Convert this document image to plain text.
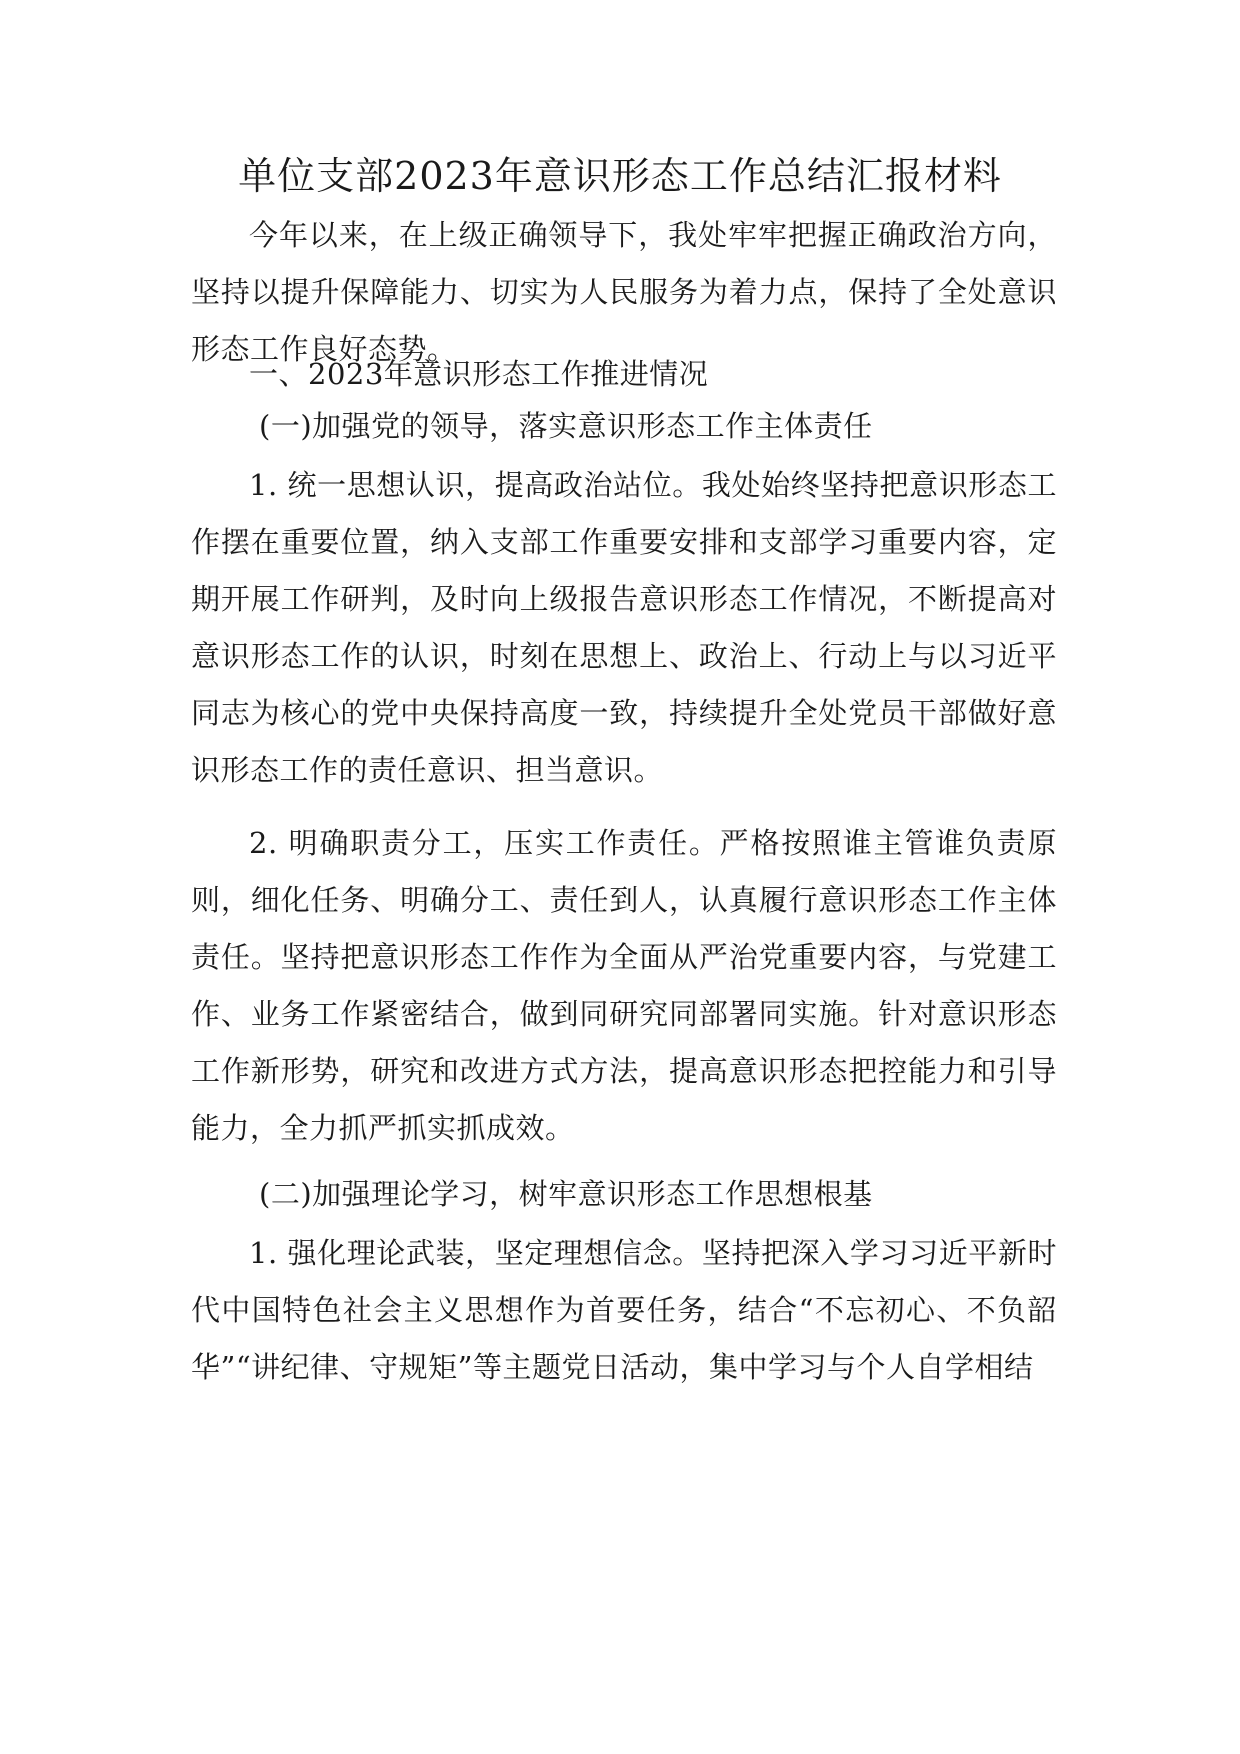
单位支部2023年意识形态工作总结汇报材料

今年以来，在上级正确领导下，我处牢牢把握正确政治方向，坚持以提升保障能力、切实为人民服务为着力点，保持了全处意识形态工作良好态势。

一、2023年意识形态工作推进情况

(一)加强党的领导，落实意识形态工作主体责任

1. 统一思想认识，提高政治站位。我处始终坚持把意识形态工作摆在重要位置，纳入支部工作重要安排和支部学习重要内容，定期开展工作研判，及时向上级报告意识形态工作情况，不断提高对意识形态工作的认识，时刻在思想上、政治上、行动上与以习近平同志为核心的党中央保持高度一致，持续提升全处党员干部做好意识形态工作的责任意识、担当意识。

2. 明确职责分工，压实工作责任。严格按照谁主管谁负责原则，细化任务、明确分工、责任到人，认真履行意识形态工作主体责任。坚持把意识形态工作作为全面从严治党重要内容，与党建工作、业务工作紧密结合，做到同研究同部署同实施。针对意识形态工作新形势，研究和改进方式方法，提高意识形态把控能力和引导能力，全力抓严抓实抓成效。

(二)加强理论学习，树牢意识形态工作思想根基

1. 强化理论武装，坚定理想信念。坚持把深入学习习近平新时代中国特色社会主义思想作为首要任务，结合“不忘初心、不负韶华”“讲纪律、守规矩”等主题党日活动，集中学习与个人自学相结
